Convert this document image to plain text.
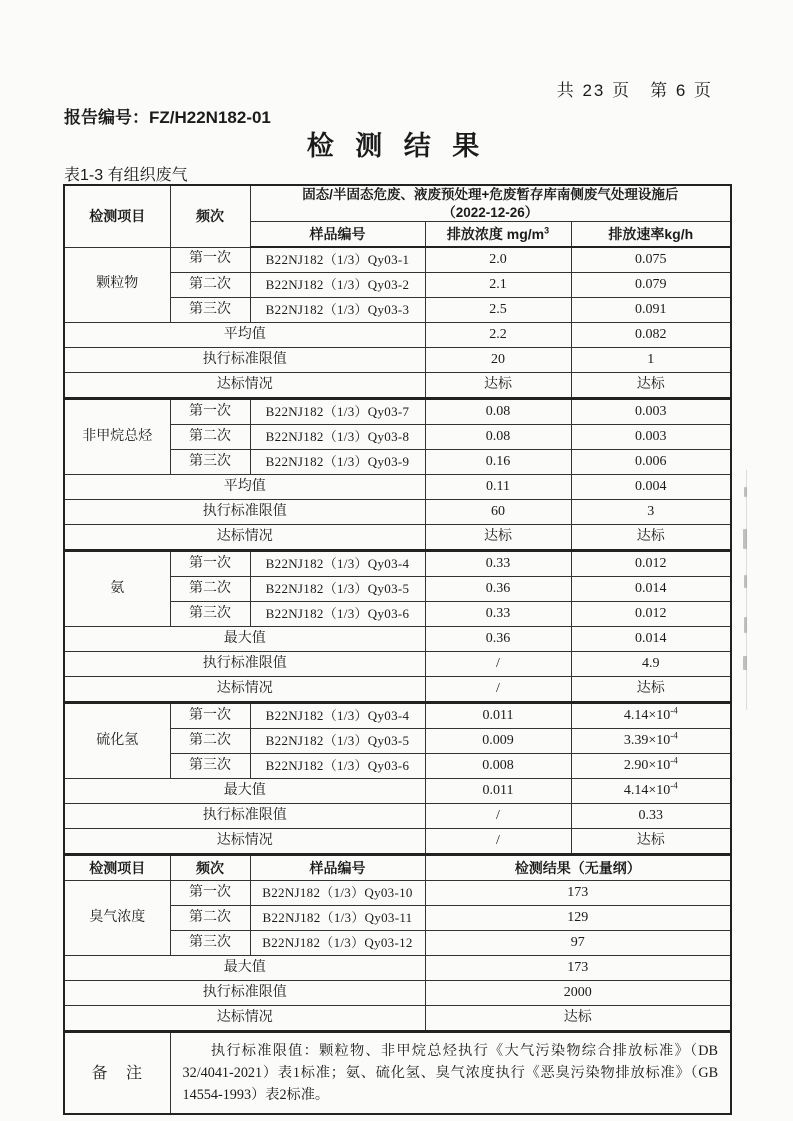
共 23 页　第 6 页
报告编号：FZ/H22N182-01
检 测 结 果
表1-3 有组织废气
检测项目	频次	固态/半固态危废、液废预处理+危废暂存库南侧废气处理设施后
（2022-12-26）		
		样品编号	排放浓度 $mg/m^3$	排放速率kg/h
颗粒物	第一次	B22NJ182（1/3）Qy03-1	2.0	0.075
	第二次	B22NJ182（1/3）Qy03-2	2.1	0.079
	第三次	B22NJ182（1/3）Qy03-3	2.5	0.091
平均值			2.2	0.082
执行标准限值			20	1
达标情况			达标	达标
非甲烷总烃	第一次	B22NJ182（1/3）Qy03-7	0.08	0.003
	第二次	B22NJ182（1/3）Qy03-8	0.08	0.003
	第三次	B22NJ182（1/3）Qy03-9	0.16	0.006
平均值			0.11	0.004
执行标准限值			60	3
达标情况			达标	达标
氨	第一次	B22NJ182（1/3）Qy03-4	0.33	0.012
	第二次	B22NJ182（1/3）Qy03-5	0.36	0.014
	第三次	B22NJ182（1/3）Qy03-6	0.33	0.012
最大值			0.36	0.014
执行标准限值			/	4.9
达标情况			/	达标
硫化氢	第一次	B22NJ182（1/3）Qy03-4	0.011	$4.14\times 10^{-4}$
	第二次	B22NJ182（1/3）Qy03-5	0.009	$3.39\times 10^{-4}$
	第三次	B22NJ182（1/3）Qy03-6	0.008	$2.90\times 10^{-4}$
最大值			0.011	$4.14\times 10^{-4}$
执行标准限值			/	0.33
达标情况			/	达标
检测项目	频次	样品编号	检测结果（无量纲）	
臭气浓度	第一次	B22NJ182（1/3）Qy03-10	173	
	第二次	B22NJ182（1/3）Qy03-11	129	
	第三次	B22NJ182（1/3）Qy03-12	97	
最大值			173	
执行标准限值			2000	
达标情况			达标	
备 注	执行标准限值：颗粒物、非甲烷总烃执行《大气污染物综合排放标准》（DB 32/4041-2021）表1标准；氨、硫化氢、臭气浓度执行《恶臭污染物排放标准》（GB 14554-1993）表2标准。			
